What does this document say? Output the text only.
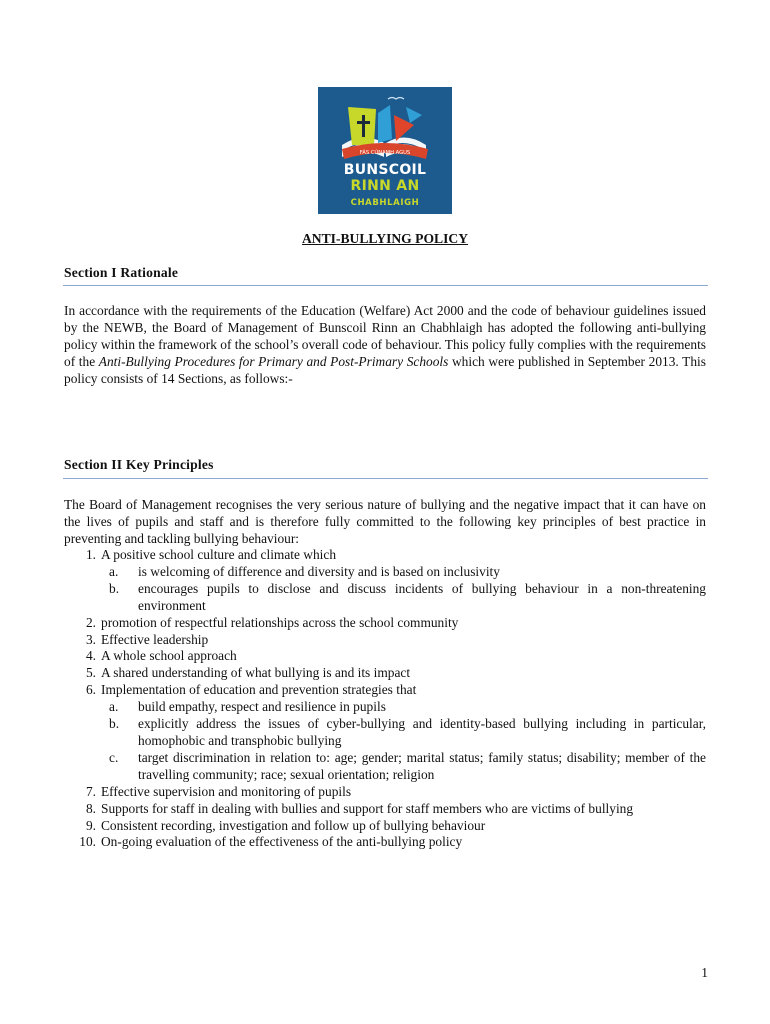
FÁS CÚNAMH AGUS
BUNSCOIL
RINN AN
CHABHLAIGH
ANTI-BULLYING POLICY
Section I Rationale

In accordance with the requirements of the Education (Welfare) Act 2000 and the code of behaviour guidelines issued by the NEWB, the Board of Management of Bunscoil Rinn an Chabhlaigh has adopted the following anti-bullying policy within the framework of the school’s overall code of behaviour. This policy fully complies with the requirements of the Anti-Bullying Procedures for Primary and Post-Primary Schools which were published in September 2013. This policy consists of 14 Sections, as follows:-

Section II Key Principles

The Board of Management recognises the very serious nature of bullying and the negative impact that it can have on the lives of pupils and staff and is therefore fully committed to the following key principles of best practice in preventing and tackling bullying behaviour:

1. A positive school culture and climate which
a.	is welcoming of difference and diversity and is based on inclusivity
b.	encourages pupils to disclose and discuss incidents of bullying behaviour in a non-threatening environment
2. promotion of respectful relationships across the school community
3. Effective leadership
4. A whole school approach
5. A shared understanding of what bullying is and its impact
6. Implementation of education and prevention strategies that
a.	build empathy, respect and resilience in pupils
b.	explicitly address the issues of cyber-bullying and identity-based bullying including in particular, homophobic and transphobic bullying
c.	target discrimination in relation to: age; gender; marital status; family status; disability; member of the travelling community; race; sexual orientation; religion
7. Effective supervision and monitoring of pupils
8. Supports for staff in dealing with bullies and support for staff members who are victims of bullying
9. Consistent recording, investigation and follow up of bullying behaviour
10. On-going evaluation of the effectiveness of the anti-bullying policy
1
